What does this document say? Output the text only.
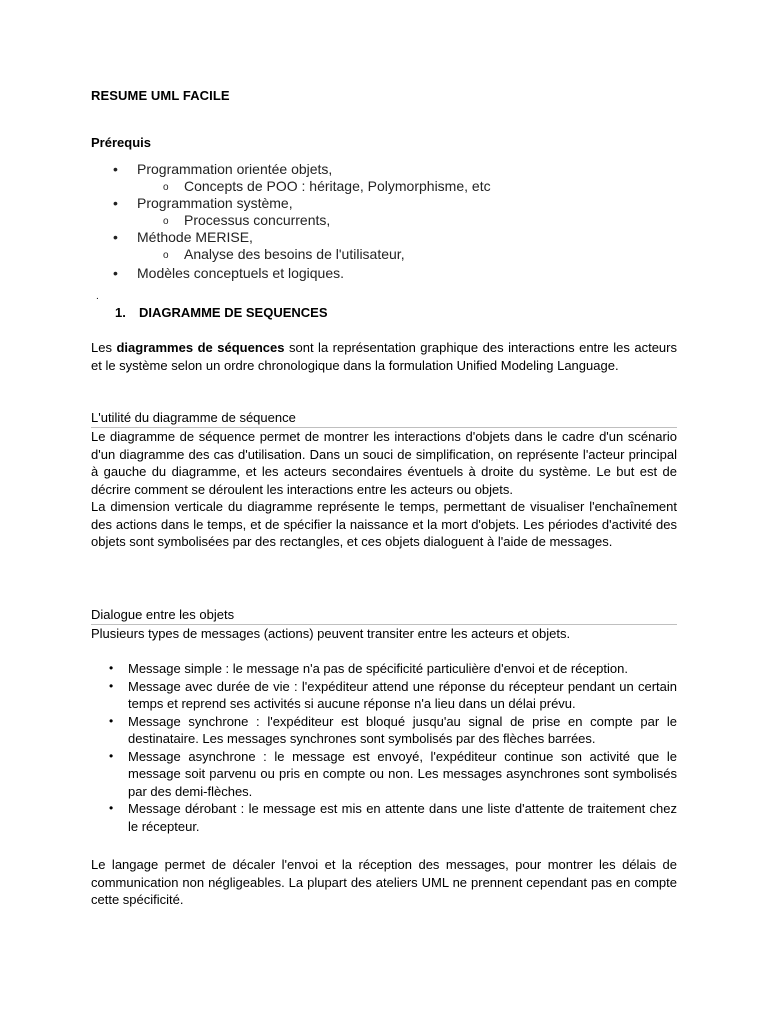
RESUME UML FACILE
Prérequis
• Programmation orientée objets,
o Concepts de POO : héritage, Polymorphisme, etc
• Programmation système,
o Processus concurrents,
• Méthode MERISE,
o Analyse des besoins de l'utilisateur,
• Modèles conceptuels et logiques.
.
1. DIAGRAMME DE SEQUENCES
Les diagrammes de séquences sont la représentation graphique des interactions entre les acteurs et le système selon un ordre chronologique dans la formulation Unified Modeling Language.
L'utilité du diagramme de séquence
Le diagramme de séquence permet de montrer les interactions d'objets dans le cadre d'un scénario d'un diagramme des cas d'utilisation. Dans un souci de simplification, on représente l'acteur principal à gauche du diagramme, et les acteurs secondaires éventuels à droite du système. Le but est de décrire comment se déroulent les interactions entre les acteurs ou objets.
La dimension verticale du diagramme représente le temps, permettant de visualiser l'enchaînement des actions dans le temps, et de spécifier la naissance et la mort d'objets. Les périodes d'activité des objets sont symbolisées par des rectangles, et ces objets dialoguent à l'aide de messages.
Dialogue entre les objets
Plusieurs types de messages (actions) peuvent transiter entre les acteurs et objets.
• Message simple : le message n'a pas de spécificité particulière d'envoi et de réception.
• Message avec durée de vie : l'expéditeur attend une réponse du récepteur pendant un certain temps et reprend ses activités si aucune réponse n'a lieu dans un délai prévu.
• Message synchrone : l'expéditeur est bloqué jusqu'au signal de prise en compte par le destinataire. Les messages synchrones sont symbolisés par des flèches barrées.
• Message asynchrone : le message est envoyé, l'expéditeur continue son activité que le message soit parvenu ou pris en compte ou non. Les messages asynchrones sont symbolisés par des demi-flèches.
• Message dérobant : le message est mis en attente dans une liste d'attente de traitement chez le récepteur.
Le langage permet de décaler l'envoi et la réception des messages, pour montrer les délais de communication non négligeables. La plupart des ateliers UML ne prennent cependant pas en compte cette spécificité.
